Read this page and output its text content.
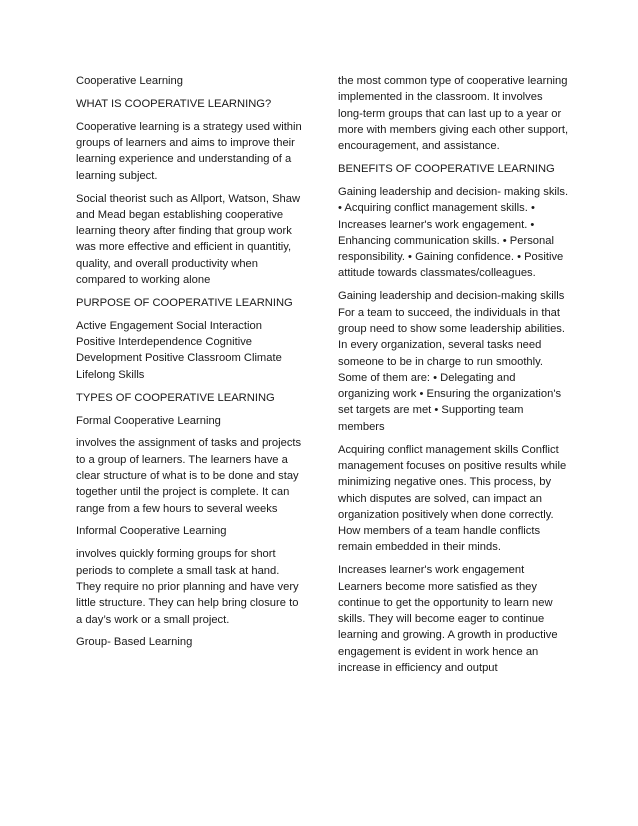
Cooperative Learning

WHAT IS COOPERATIVE LEARNING?

Cooperative learning is a strategy used within groups of learners and aims to improve their learning experience and understanding of a learning subject.

Social theorist such as Allport, Watson, Shaw and Mead began establishing cooperative learning theory after finding that group work was more effective and efficient in quantitiy, quality, and overall productivity when compared to working alone

PURPOSE OF COOPERATIVE LEARNING

Active Engagement Social Interaction Positive Interdependence Cognitive Development Positive Classroom Climate Lifelong Skills

TYPES OF COOPERATIVE LEARNING

Formal Cooperative Learning

involves the assignment of tasks and projects to a group of learners. The learners have a clear structure of what is to be done and stay together until the project is complete. It can range from a few hours to several weeks

Informal Cooperative Learning

involves quickly forming groups for short periods to complete a small task at hand. They require no prior planning and have very little structure. They can help bring closure to a day’s work or a small project.

Group- Based Learning

the most common type of cooperative learning implemented in the classroom. It involves long-term groups that can last up to a year or more with members giving each other support, encouragement, and assistance.

BENEFITS OF COOPERATIVE LEARNING

Gaining leadership and decision- making skils. • Acquiring conflict management skills. • Increases learner's work engagement. • Enhancing communication skills. • Personal responsibility. • Gaining confidence. • Positive attitude towards classmates/colleagues.

Gaining leadership and decision-making skills For a team to succeed, the individuals in that group need to show some leadership abilities. In every organization, several tasks need someone to be in charge to run smoothly. Some of them are: • Delegating and organizing work • Ensuring the organization's set targets are met • Supporting team members

Acquiring conflict management skills Conflict management focuses on positive results while minimizing negative ones. This process, by which disputes are solved, can impact an organization positively when done correctly. How members of a team handle conflicts remain embedded in their minds.

Increases learner's work engagement Learners become more satisfied as they continue to get the opportunity to learn new skills. They will become eager to continue learning and growing. A growth in productive engagement is evident in work hence an increase in efficiency and output
